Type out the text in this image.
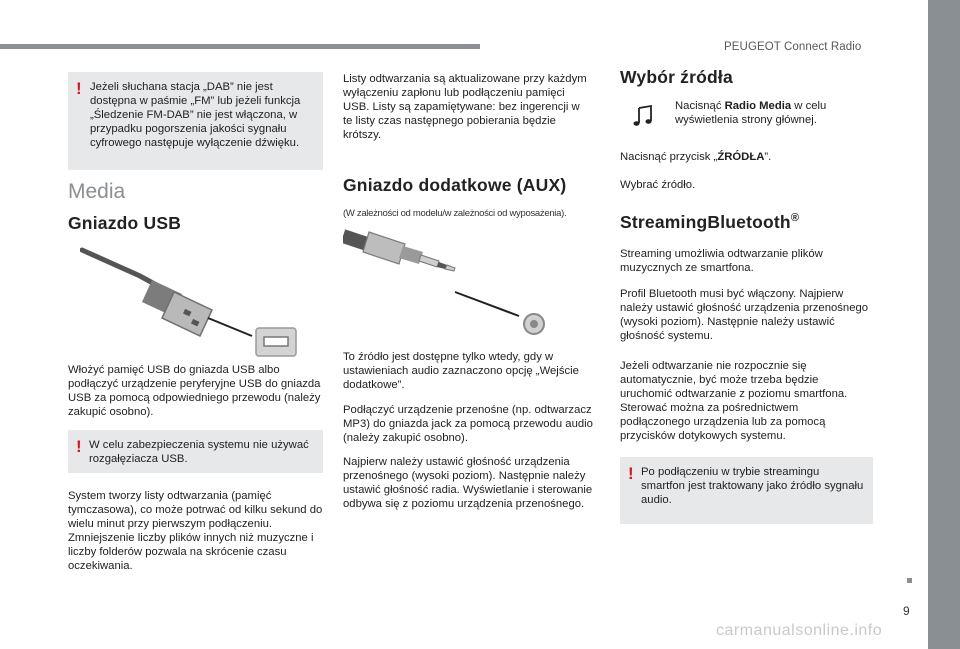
PEUGEOT Connect Radio
! Jeżeli słuchana stacja „DAB” nie jest dostępna w paśmie „FM” lub jeżeli funkcja „Śledzenie FM-DAB” nie jest włączona, w przypadku pogorszenia jakości sygnału cyfrowego następuje wyłączenie dźwięku.
Media
Gniazdo USB
Włożyć pamięć USB do gniazda USB albo podłączyć urządzenie peryferyjne USB do gniazda USB za pomocą odpowiedniego przewodu (należy zakupić osobno).
! W celu zabezpieczenia systemu nie używać rozgałęziacza USB.
System tworzy listy odtwarzania (pamięć tymczasowa), co może potrwać od kilku sekund do wielu minut przy pierwszym podłączeniu. Zmniejszenie liczby plików innych niż muzyczne i liczby folderów pozwala na skrócenie czasu oczekiwania.
Listy odtwarzania są aktualizowane przy każdym wyłączeniu zapłonu lub podłączeniu pamięci USB. Listy są zapamiętywane: bez ingerencji w te listy czas następnego pobierania będzie krótszy.
Gniazdo dodatkowe (AUX)
(W zależności od modelu/w zależności od wyposażenia).
To źródło jest dostępne tylko wtedy, gdy w ustawieniach audio zaznaczono opcję „Wejście dodatkowe”.
Podłączyć urządzenie przenośne (np. odtwarzacz MP3) do gniazda jack za pomocą przewodu audio (należy zakupić osobno).
Najpierw należy ustawić głośność urządzenia przenośnego (wysoki poziom). Następnie należy ustawić głośność radia. Wyświetlanie i sterowanie odbywa się z poziomu urządzenia przenośnego.
Wybór źródła
Nacisnąć Radio Media w celu wyświetlenia strony głównej.
Nacisnąć przycisk „ŹRÓDŁA”.
Wybrać źródło.
StreamingBluetooth®
Streaming umożliwia odtwarzanie plików muzycznych ze smartfona.
Profil Bluetooth musi być włączony. Najpierw należy ustawić głośność urządzenia przenośnego (wysoki poziom). Następnie należy ustawić głośność systemu.
Jeżeli odtwarzanie nie rozpocznie się automatycznie, być może trzeba będzie uruchomić odtwarzanie z poziomu smartfona. Sterować można za pośrednictwem podłączonego urządzenia lub za pomocą przycisków dotykowych systemu.
! Po podłączeniu w trybie streamingu smartfon jest traktowany jako źródło sygnału audio.
9
carmanualsonline.info
